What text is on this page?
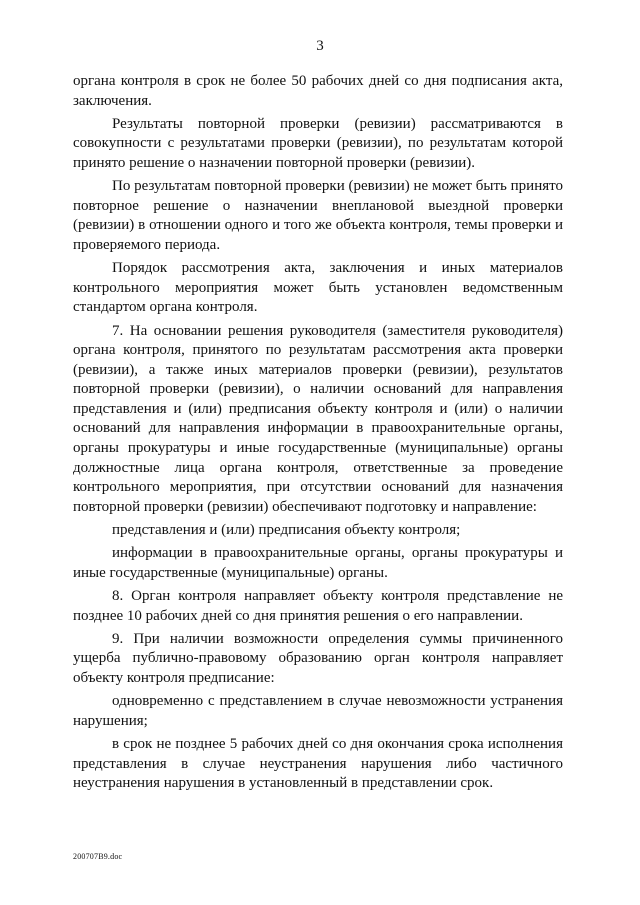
3

органа контроля в срок не более 50 рабочих дней со дня подписания акта, заключения.

Результаты повторной проверки (ревизии) рассматриваются в совокупности с результатами проверки (ревизии), по результатам которой принято решение о назначении повторной проверки (ревизии).

По результатам повторной проверки (ревизии) не может быть принято повторное решение о назначении внеплановой выездной проверки (ревизии) в отношении одного и того же объекта контроля, темы проверки и проверяемого периода.

Порядок рассмотрения акта, заключения и иных материалов контрольного мероприятия может быть установлен ведомственным стандартом органа контроля.

7. На основании решения руководителя (заместителя руководителя) органа контроля, принятого по результатам рассмотрения акта проверки (ревизии), а также иных материалов проверки (ревизии), результатов повторной проверки (ревизии), о наличии оснований для направления представления и (или) предписания объекту контроля и (или) о наличии оснований для направления информации в правоохранительные органы, органы прокуратуры и иные государственные (муниципальные) органы должностные лица органа контроля, ответственные за проведение контрольного мероприятия, при отсутствии оснований для назначения повторной проверки (ревизии) обеспечивают подготовку и направление:

представления и (или) предписания объекту контроля;

информации в правоохранительные органы, органы прокуратуры и иные государственные (муниципальные) органы.

8. Орган контроля направляет объекту контроля представление не позднее 10 рабочих дней со дня принятия решения о его направлении.

9. При наличии возможности определения суммы причиненного ущерба публично-правовому образованию орган контроля направляет объекту контроля предписание:

одновременно с представлением в случае невозможности устранения нарушения;

в срок не позднее 5 рабочих дней со дня окончания срока исполнения представления в случае неустранения нарушения либо частичного неустранения нарушения в установленный в представлении срок.

200707B9.doc
